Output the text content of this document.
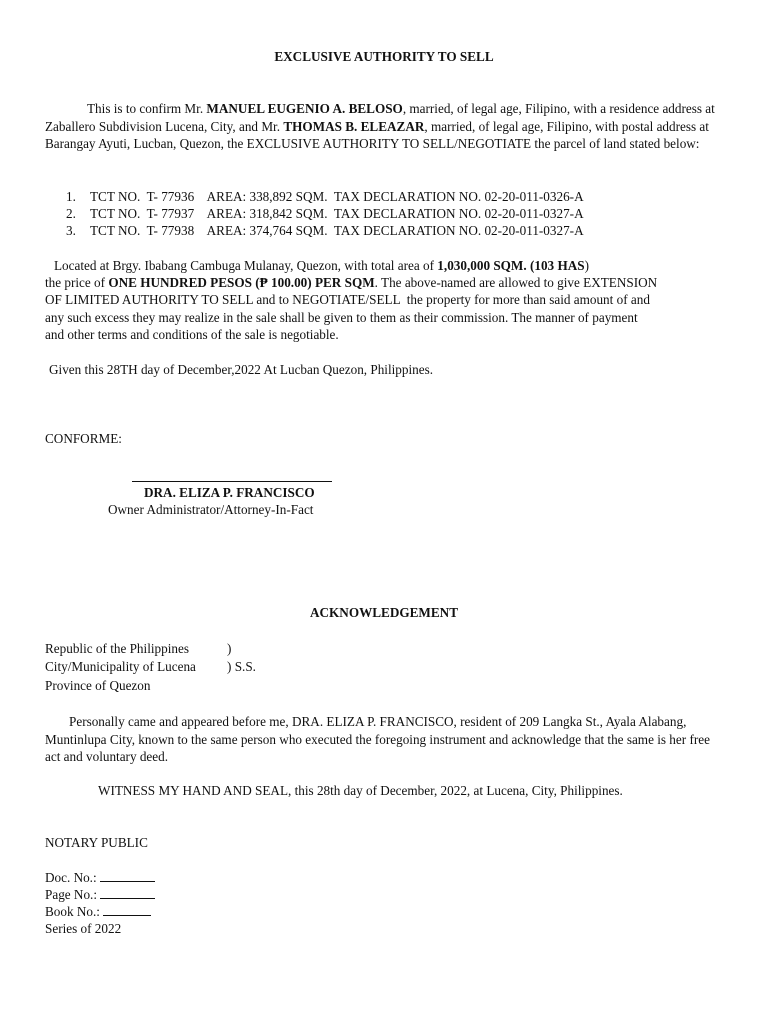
EXCLUSIVE AUTHORITY TO SELL

This is to confirm Mr. MANUEL EUGENIO A. BELOSO, married, of legal age, Filipino, with a residence address at Zaballero Subdivision Lucena, City, and Mr. THOMAS B. ELEAZAR, married, of legal age, Filipino, with postal address at Barangay Ayuti, Lucban, Quezon, the EXCLUSIVE AUTHORITY TO SELL/NEGOTIATE the parcel of land stated below:

1. TCT NO.  T- 77936    AREA: 338,892 SQM.  TAX DECLARATION NO. 02-20-011-0326-A
2. TCT NO.  T- 77937    AREA: 318,842 SQM.  TAX DECLARATION NO. 02-20-011-0327-A
3. TCT NO.  T- 77938    AREA: 374,764 SQM.  TAX DECLARATION NO. 02-20-011-0327-A
Located at Brgy. Ibabang Cambuga Mulanay, Quezon, with total area of 1,030,000 SQM. (103 HAS)
the price of ONE HUNDRED PESOS (₱ 100.00) PER SQM. The above-named are allowed to give EXTENSION
OF LIMITED AUTHORITY TO SELL and to NEGOTIATE/SELL  the property for more than said amount of and
any such excess they may realize in the sale shall be given to them as their commission. The manner of payment
and other terms and conditions of the sale is negotiable.
Given this 28TH day of December,2022 At Lucban Quezon, Philippines.
CONFORME:
DRA. ELIZA P. FRANCISCO
Owner Administrator/Attorney-In-Fact
ACKNOWLEDGEMENT
Republic of the Philippines	)
City/Municipality of Lucena ) S.S.
Province of Quezon

Personally came and appeared before me, DRA. ELIZA P. FRANCISCO, resident of 209 Langka St., Ayala Alabang, Muntinlupa City, known to the same person who executed the foregoing instrument and acknowledge that the same is her free act and voluntary deed.

WITNESS MY HAND AND SEAL, this 28th day of December, 2022, at Lucena, City, Philippines.
NOTARY PUBLIC
Doc. No.:
Page No.:
Book No.:
Series of 2022
